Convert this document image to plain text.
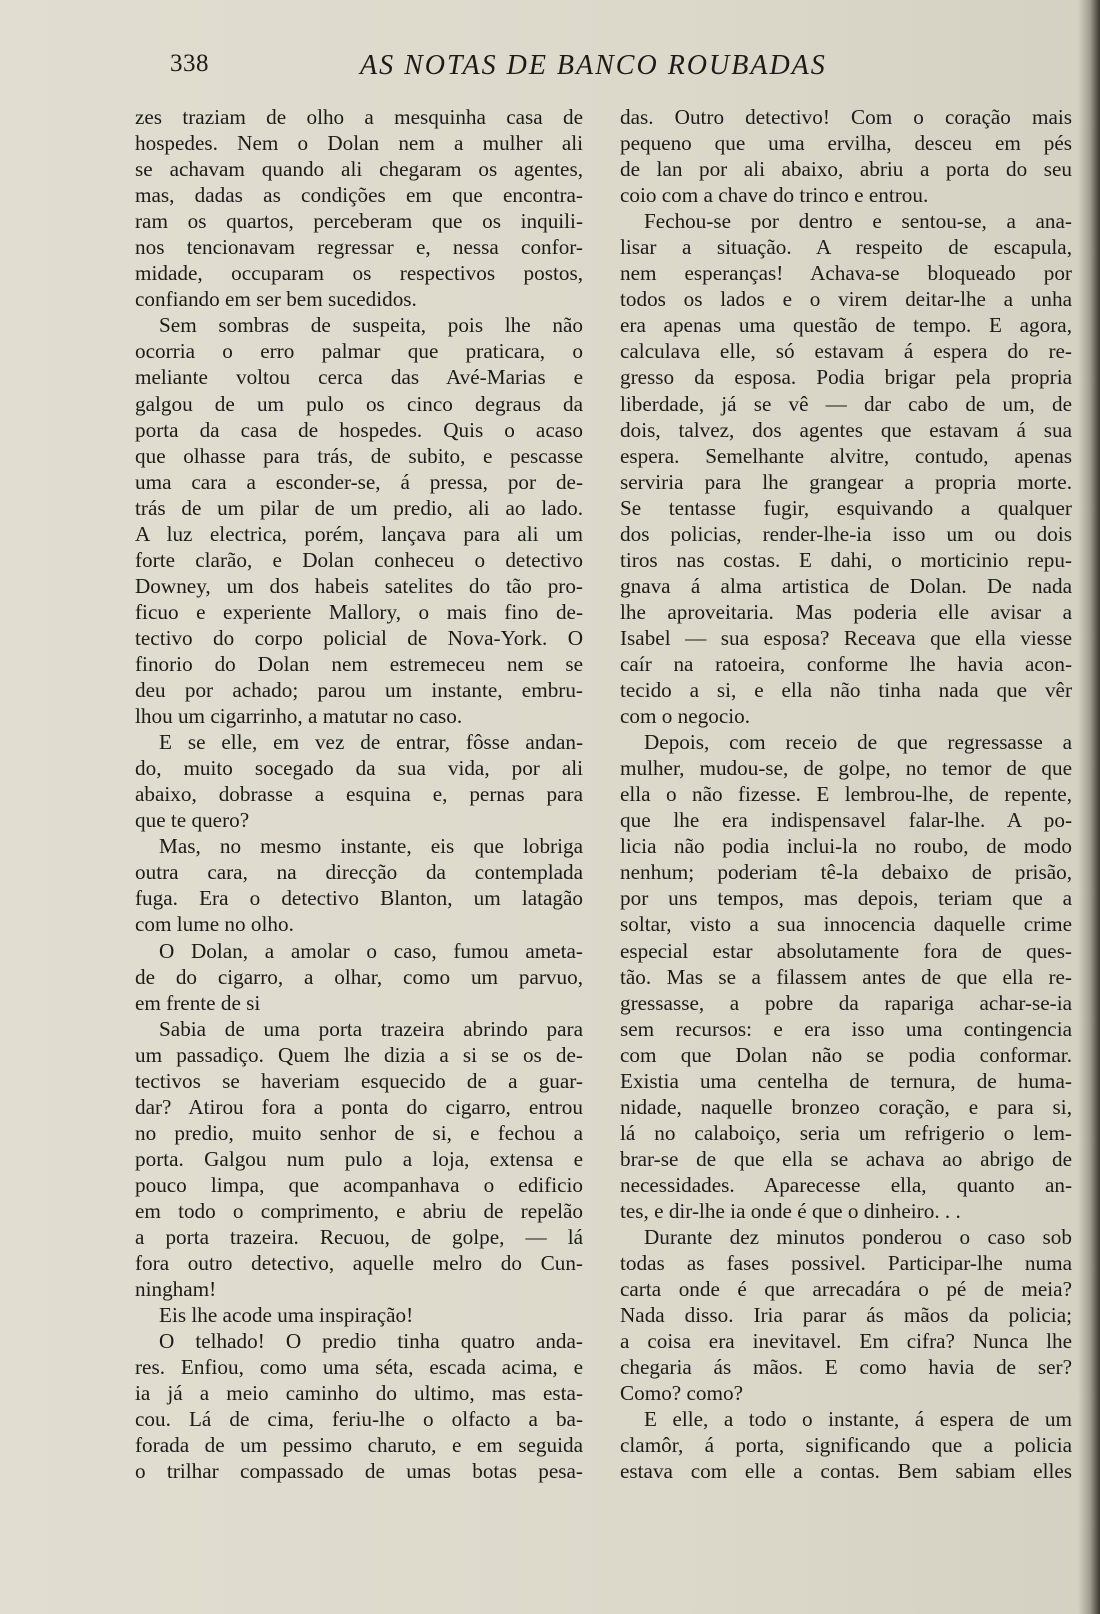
338	AS NOTAS DE BANCO ROUBADAS
zes traziam de olho a mesquinha casa de
hospedes. Nem o Dolan nem a mulher ali
se achavam quando ali chegaram os agentes,
mas, dadas as condições em que encontra-
ram os quartos, perceberam que os inquili-
nos tencionavam regressar e, nessa confor-
midade, occuparam os respectivos postos,
confiando em ser bem sucedidos.
Sem sombras de suspeita, pois lhe não
ocorria o erro palmar que praticara, o
meliante voltou cerca das Avé-Marias e
galgou de um pulo os cinco degraus da
porta da casa de hospedes. Quis o acaso
que olhasse para trás, de subito, e pescasse
uma cara a esconder-se, á pressa, por de-
trás de um pilar de um predio, ali ao lado.
A luz electrica, porém, lançava para ali um
forte clarão, e Dolan conheceu o detectivo
Downey, um dos habeis satelites do tão pro-
ficuo e experiente Mallory, o mais fino de-
tectivo do corpo policial de Nova-York. O
finorio do Dolan nem estremeceu nem se
deu por achado; parou um instante, embru-
lhou um cigarrinho, a matutar no caso.
E se elle, em vez de entrar, fôsse andan-
do, muito socegado da sua vida, por ali
abaixo, dobrasse a esquina e, pernas para
que te quero?
Mas, no mesmo instante, eis que lobriga
outra cara, na direcção da contemplada
fuga. Era o detectivo Blanton, um latagão
com lume no olho.
O Dolan, a amolar o caso, fumou ameta-
de do cigarro, a olhar, como um parvuo,
em frente de si
Sabia de uma porta trazeira abrindo para
um passadiço. Quem lhe dizia a si se os de-
tectivos se haveriam esquecido de a guar-
dar? Atirou fora a ponta do cigarro, entrou
no predio, muito senhor de si, e fechou a
porta. Galgou num pulo a loja, extensa e
pouco limpa, que acompanhava o edificio
em todo o comprimento, e abriu de repelão
a porta trazeira. Recuou, de golpe, — lá
fora outro detectivo, aquelle melro do Cun-
ningham!
Eis lhe acode uma inspiração!
O telhado! O predio tinha quatro anda-
res. Enfiou, como uma séta, escada acima, e
ia já a meio caminho do ultimo, mas esta-
cou. Lá de cima, feriu-lhe o olfacto a ba-
forada de um pessimo charuto, e em seguida
o trilhar compassado de umas botas pesa-
das. Outro detectivo! Com o coração mais
pequeno que uma ervilha, desceu em pés
de lan por ali abaixo, abriu a porta do seu
coio com a chave do trinco e entrou.
Fechou-se por dentro e sentou-se, a ana-
lisar a situação. A respeito de escapula,
nem esperanças! Achava-se bloqueado por
todos os lados e o virem deitar-lhe a unha
era apenas uma questão de tempo. E agora,
calculava elle, só estavam á espera do re-
gresso da esposa. Podia brigar pela propria
liberdade, já se vê — dar cabo de um, de
dois, talvez, dos agentes que estavam á sua
espera. Semelhante alvitre, contudo, apenas
serviria para lhe grangear a propria morte.
Se tentasse fugir, esquivando a qualquer
dos policias, render-lhe-ia isso um ou dois
tiros nas costas. E dahi, o morticinio repu-
gnava á alma artistica de Dolan. De nada
lhe aproveitaria. Mas poderia elle avisar a
Isabel — sua esposa? Receava que ella viesse
caír na ratoeira, conforme lhe havia acon-
tecido a si, e ella não tinha nada que vêr
com o negocio.
Depois, com receio de que regressasse a
mulher, mudou-se, de golpe, no temor de que
ella o não fizesse. E lembrou-lhe, de repente,
que lhe era indispensavel falar-lhe. A po-
licia não podia inclui-la no roubo, de modo
nenhum; poderiam tê-la debaixo de prisão,
por uns tempos, mas depois, teriam que a
soltar, visto a sua innocencia daquelle crime
especial estar absolutamente fora de ques-
tão. Mas se a filassem antes de que ella re-
gressasse, a pobre da rapariga achar-se-ia
sem recursos: e era isso uma contingencia
com que Dolan não se podia conformar.
Existia uma centelha de ternura, de huma-
nidade, naquelle bronzeo coração, e para si,
lá no calaboiço, seria um refrigerio o lem-
brar-se de que ella se achava ao abrigo de
necessidades. Aparecesse ella, quanto an-
tes, e dir-lhe ia onde é que o dinheiro. . .
Durante dez minutos ponderou o caso sob
todas as fases possivel. Participar-lhe numa
carta onde é que arrecadára o pé de meia?
Nada disso. Iria parar ás mãos da policia;
a coisa era inevitavel. Em cifra? Nunca lhe
chegaria ás mãos. E como havia de ser?
Como? como?
E elle, a todo o instante, á espera de um
clamôr, á porta, significando que a policia
estava com elle a contas. Bem sabiam elles
